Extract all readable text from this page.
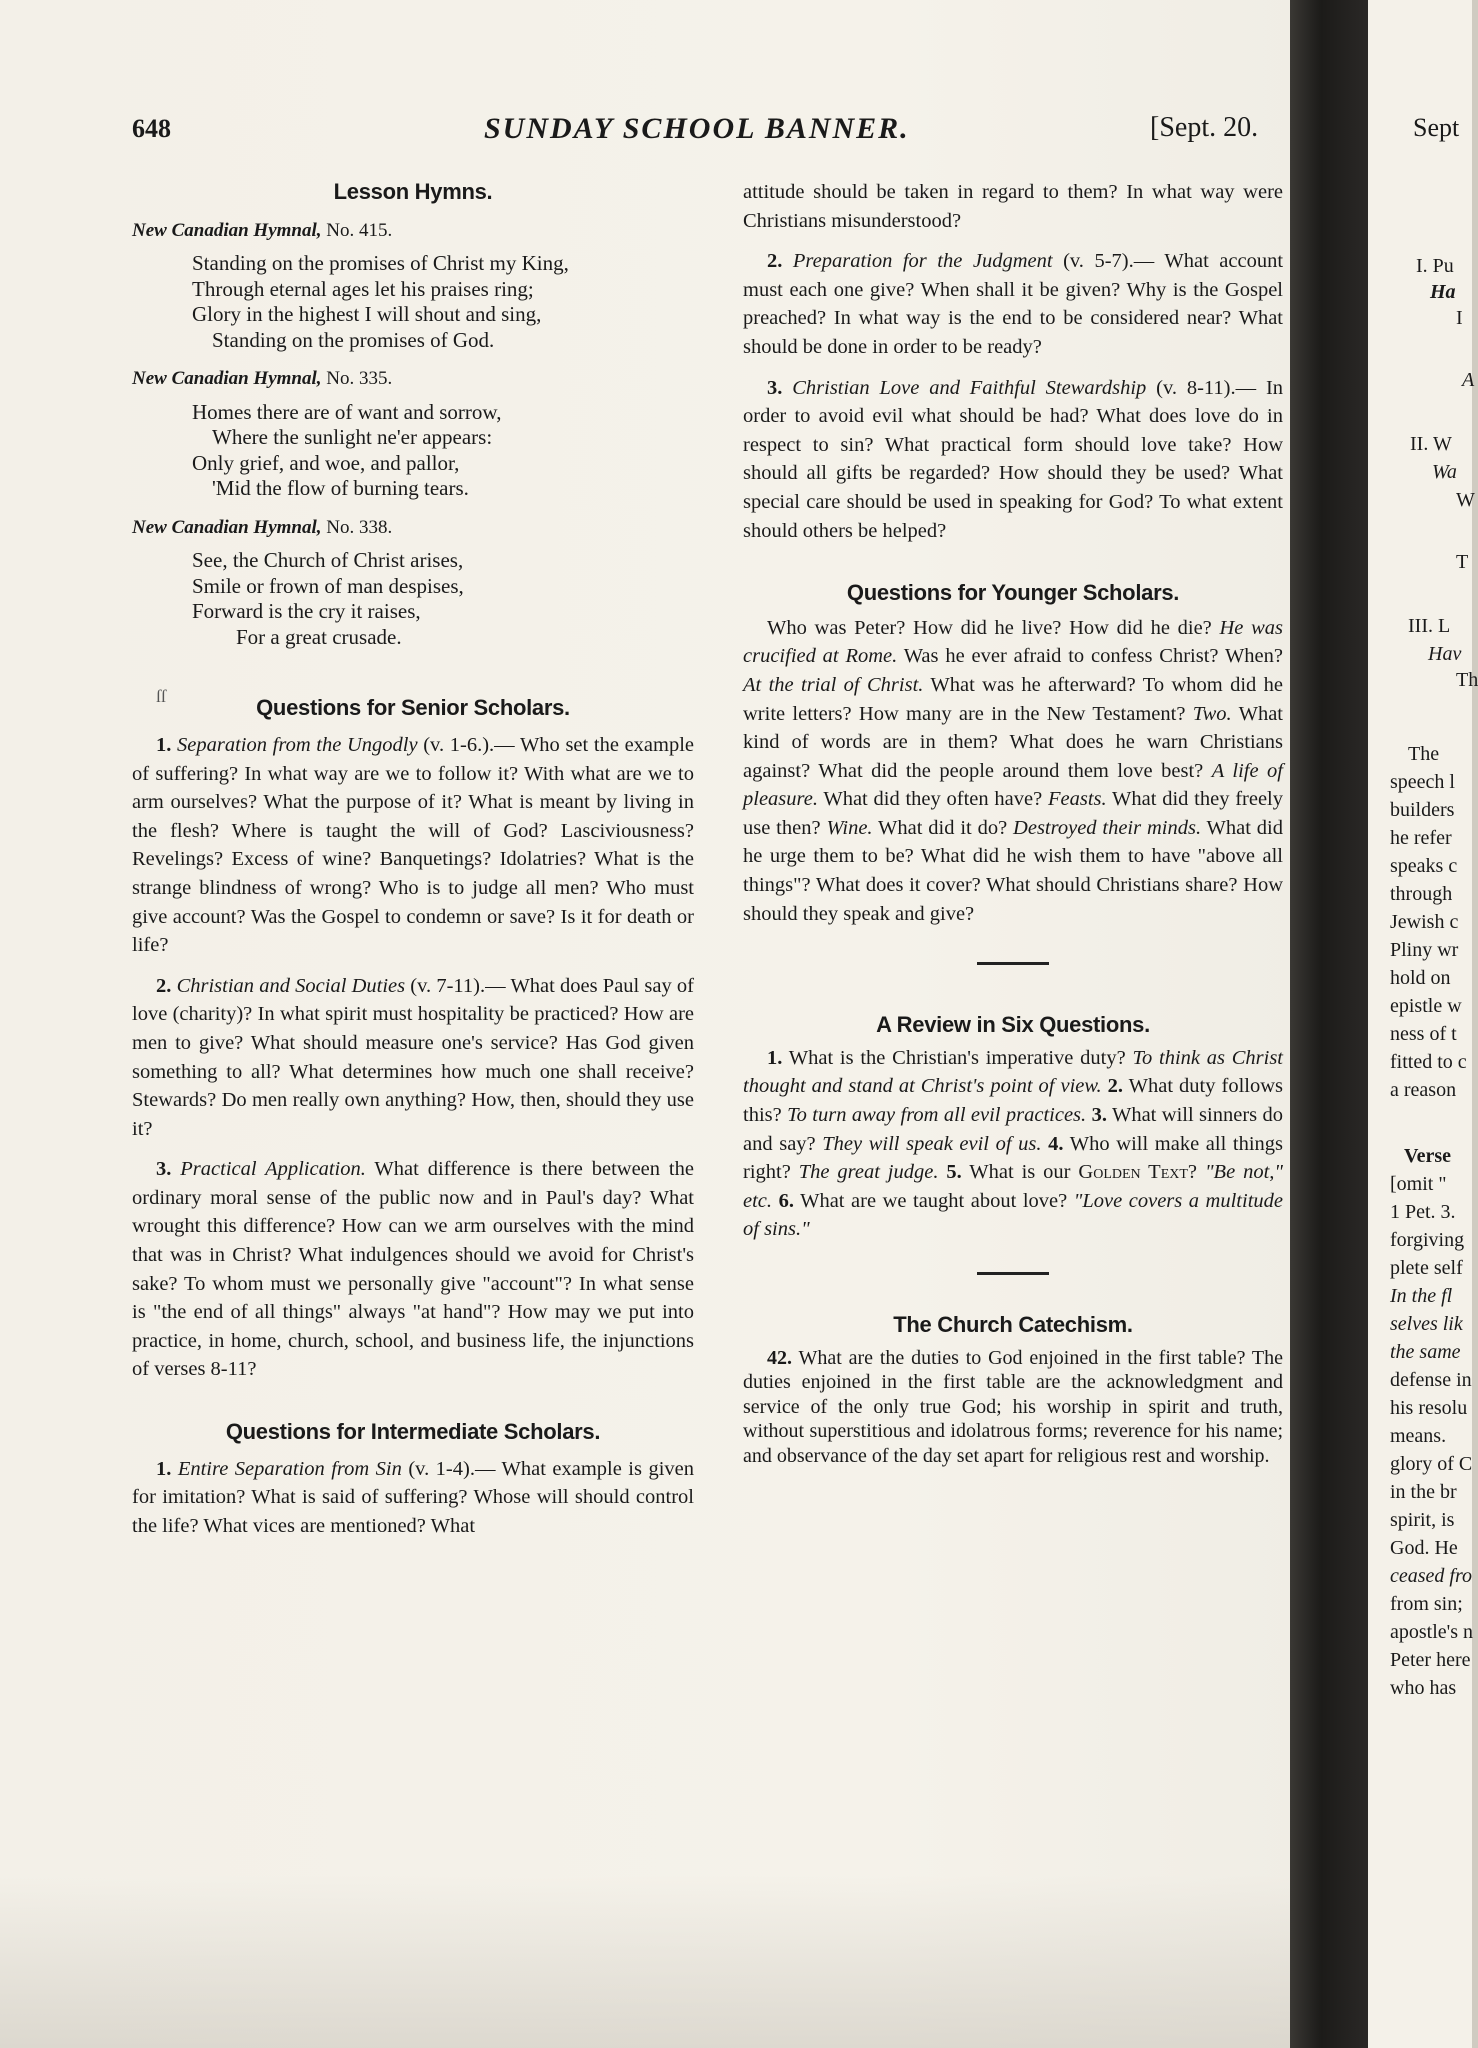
648	SUNDAY SCHOOL BANNER.	[Sept. 20.
Lesson Hymns.

New Canadian Hymnal, No. 415.

Standing on the promises of Christ my King,
Through eternal ages let his praises ring;
Glory in the highest I will shout and sing,
Standing on the promises of God.

New Canadian Hymnal, No. 335.

Homes there are of want and sorrow,
Where the sunlight ne'er appears:
Only grief, and woe, and pallor,
'Mid the flow of burning tears.

New Canadian Hymnal, No. 338.

See, the Church of Christ arises,
Smile or frown of man despises,
Forward is the cry it raises,
For a great crusade.
Questions for Senior Scholars.

1. Separation from the Ungodly (v. 1-6.).— Who set the example of suffering? In what way are we to follow it? With what are we to arm ourselves? What the purpose of it? What is meant by living in the flesh? Where is taught the will of God? Lasciviousness? Revelings? Excess of wine? Banquetings? Idolatries? What is the strange blindness of wrong? Who is to judge all men? Who must give account? Was the Gospel to condemn or save? Is it for death or life?

2. Christian and Social Duties (v. 7-11).— What does Paul say of love (charity)? In what spirit must hospitality be practiced? How are men to give? What should measure one's service? Has God given something to all? What determines how much one shall receive? Stewards? Do men really own anything? How, then, should they use it?

3. Practical Application. What difference is there between the ordinary moral sense of the public now and in Paul's day? What wrought this difference? How can we arm ourselves with the mind that was in Christ? What indulgences should we avoid for Christ's sake? To whom must we personally give "account"? In what sense is "the end of all things" always "at hand"? How may we put into practice, in home, church, school, and business life, the injunctions of verses 8-11?

Questions for Intermediate Scholars.

1. Entire Separation from Sin (v. 1-4).— What example is given for imitation? What is said of suffering? Whose will should control the life? What vices are mentioned? What

ſſ

attitude should be taken in regard to them? In what way were Christians misunderstood?

2. Preparation for the Judgment (v. 5-7).— What account must each one give? When shall it be given? Why is the Gospel preached? In what way is the end to be considered near? What should be done in order to be ready?

3. Christian Love and Faithful Stewardship (v. 8-11).— In order to avoid evil what should be had? What does love do in respect to sin? What practical form should love take? How should all gifts be regarded? How should they be used? What special care should be used in speaking for God? To what extent should others be helped?

Questions for Younger Scholars.

Who was Peter? How did he live? How did he die? He was crucified at Rome. Was he ever afraid to confess Christ? When? At the trial of Christ. What was he afterward? To whom did he write letters? How many are in the New Testament? Two. What kind of words are in them? What does he warn Christians against? What did the people around them love best? A life of pleasure. What did they often have? Feasts. What did they freely use then? Wine. What did it do? Destroyed their minds. What did he urge them to be? What did he wish them to have "above all things"? What does it cover? What should Christians share? How should they speak and give?

A Review in Six Questions.

1. What is the Christian's imperative duty? To think as Christ thought and stand at Christ's point of view. 2. What duty follows this? To turn away from all evil practices. 3. What will sinners do and say? They will speak evil of us. 4. Who will make all things right? The great judge. 5. What is our Golden Text? "Be not," etc. 6. What are we taught about love? "Love covers a multitude of sins."

The Church Catechism.

42. What are the duties to God enjoined in the first table? The duties enjoined in the first table are the acknowledgment and service of the only true God; his worship in spirit and truth, without superstitious and idolatrous forms; reverence for his name; and observance of the day set apart for religious rest and worship.

Sept
I. Pu
Ha
I
A
II. W
Wa
W
T
III. L
Hav
Th
The
speech l
builders
he refer
speaks c
through
Jewish c
Pliny wr
hold on
epistle w
ness of t
fitted to c
a reason
Verse
[omit "
1 Pet. 3.
forgiving
plete self
In the fl
selves lik
the same
defense in
his resolu
means.
glory of C
in the br
spirit, is
God. He
ceased fro
from sin;
apostle's n
Peter here
who has
